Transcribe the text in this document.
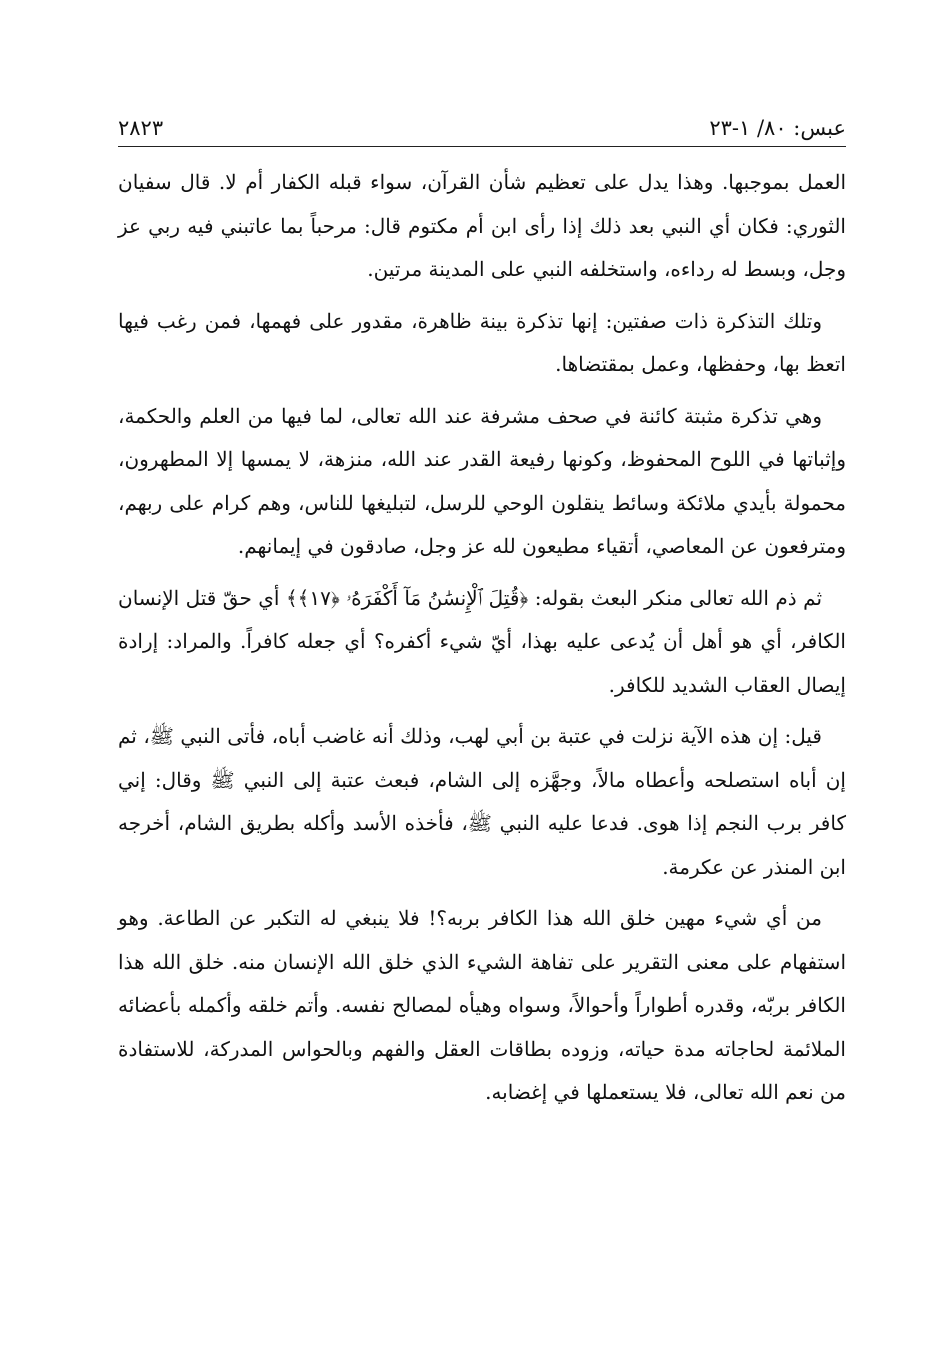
عبس: ٨٠/ ١-٢٣
٢٨٢٣

العمل بموجبها. وهذا يدل على تعظيم شأن القرآن، سواء قبله الكفار أم لا. قال سفيان الثوري: فكان أي النبي بعد ذلك إذا رأى ابن أم مكتوم قال: مرحباً بما عاتبني فيه ربي عز وجل، وبسط له رداءه، واستخلفه النبي على المدينة مرتين.

وتلك التذكرة ذات صفتين: إنها تذكرة بينة ظاهرة، مقدور على فهمها، فمن رغب فيها اتعظ بها، وحفظها، وعمل بمقتضاها.

وهي تذكرة مثبتة كائنة في صحف مشرفة عند الله تعالى، لما فيها من العلم والحكمة، وإثباتها في اللوح المحفوظ، وكونها رفيعة القدر عند الله، منزهة، لا يمسها إلا المطهرون، محمولة بأيدي ملائكة وسائط ينقلون الوحي للرسل، لتبليغها للناس، وهم كرام على ربهم، ومترفعون عن المعاصي، أتقياء مطيعون لله عز وجل، صادقون في إيمانهم.

ثم ذم الله تعالى منكر البعث بقوله: ﴿قُتِلَ ٱلْإِنسَٰنُ مَآ أَكْفَرَهُۥ ﴿١٧﴾﴾ أي حقّ قتل الإنسان الكافر، أي هو أهل أن يُدعى عليه بهذا، أيّ شيء أكفره؟ أي جعله كافراً. والمراد: إرادة إيصال العقاب الشديد للكافر.

قيل: إن هذه الآية نزلت في عتبة بن أبي لهب، وذلك أنه غاضب أباه، فأتى النبي ﷺ، ثم إن أباه استصلحه وأعطاه مالاً، وجهَّزه إلى الشام، فبعث عتبة إلى النبي ﷺ وقال: إني كافر برب النجم إذا هوى. فدعا عليه النبي ﷺ، فأخذه الأسد وأكله بطريق الشام، أخرجه ابن المنذر عن عكرمة.

من أي شيء مهين خلق الله هذا الكافر بربه؟! فلا ينبغي له التكبر عن الطاعة. وهو استفهام على معنى التقرير على تفاهة الشيء الذي خلق الله الإنسان منه. خلق الله هذا الكافر بربّه، وقدره أطواراً وأحوالاً، وسواه وهيأه لمصالح نفسه. وأتم خلقه وأكمله بأعضائه الملائمة لحاجاته مدة حياته، وزوده بطاقات العقل والفهم وبالحواس المدركة، للاستفادة من نعم الله تعالى، فلا يستعملها في إغضابه.
